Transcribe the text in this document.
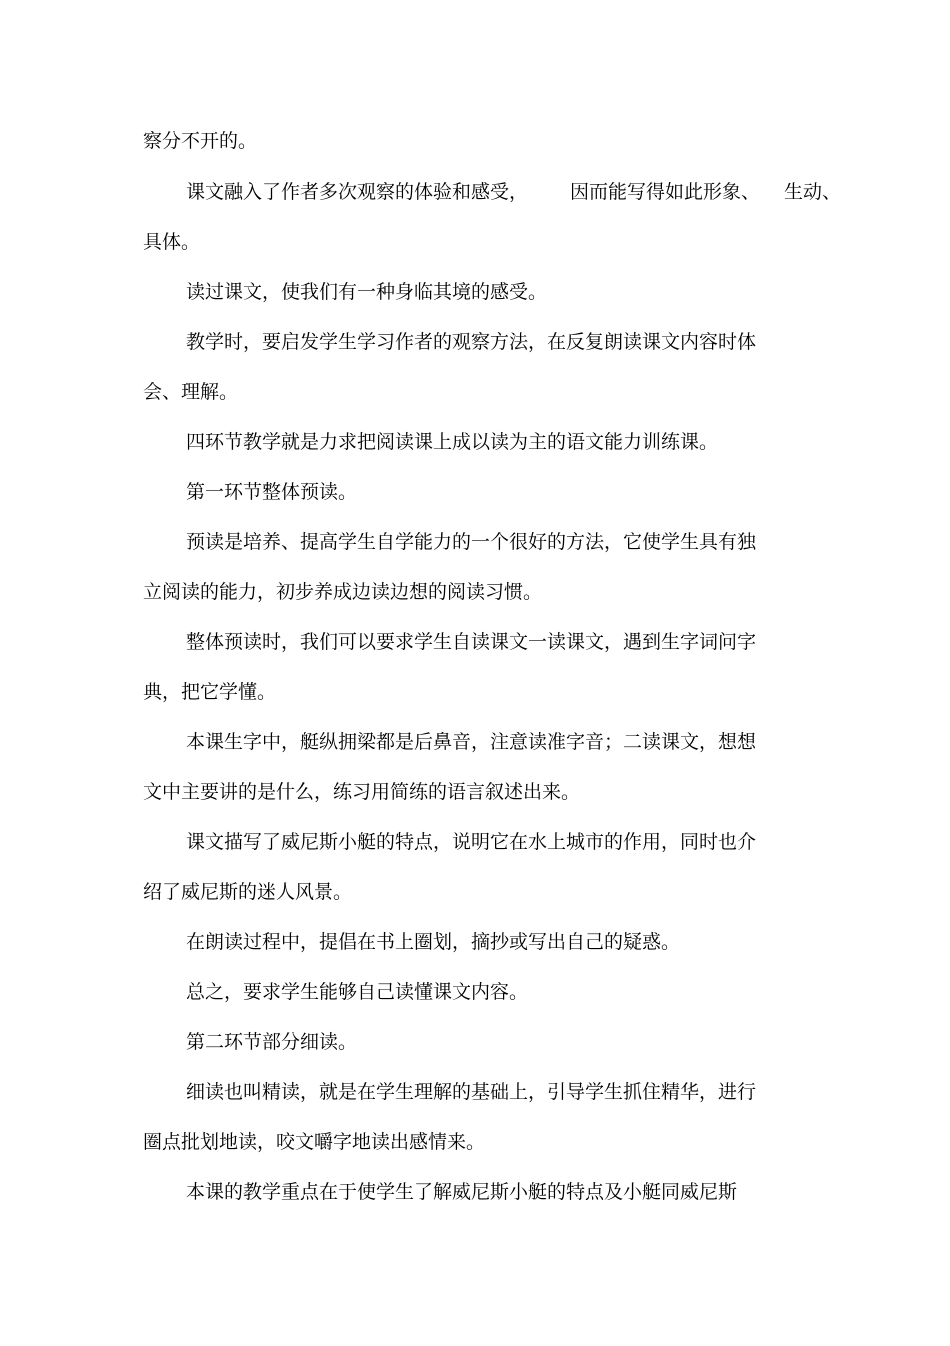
察分不开的。
课文融入了作者多次观察的体验和感受， 因而能写得如此形象、 生动、
具体。
读过课文，使我们有一种身临其境的感受。
教学时，要启发学生学习作者的观察方法，在反复朗读课文内容时体
会、理解。
四环节教学就是力求把阅读课上成以读为主的语文能力训练课。
第一环节整体预读。
预读是培养、提高学生自学能力的一个很好的方法，它使学生具有独
立阅读的能力，初步养成边读边想的阅读习惯。
整体预读时，我们可以要求学生自读课文一读课文，遇到生字词问字
典，把它学懂。
本课生字中，艇纵拥梁都是后鼻音，注意读准字音；二读课文，想想
文中主要讲的是什么，练习用简练的语言叙述出来。
课文描写了威尼斯小艇的特点，说明它在水上城市的作用，同时也介
绍了威尼斯的迷人风景。
在朗读过程中，提倡在书上圈划，摘抄或写出自己的疑惑。
总之，要求学生能够自己读懂课文内容。
第二环节部分细读。
细读也叫精读，就是在学生理解的基础上，引导学生抓住精华，进行
圈点批划地读，咬文嚼字地读出感情来。
本课的教学重点在于使学生了解威尼斯小艇的特点及小艇同威尼斯
